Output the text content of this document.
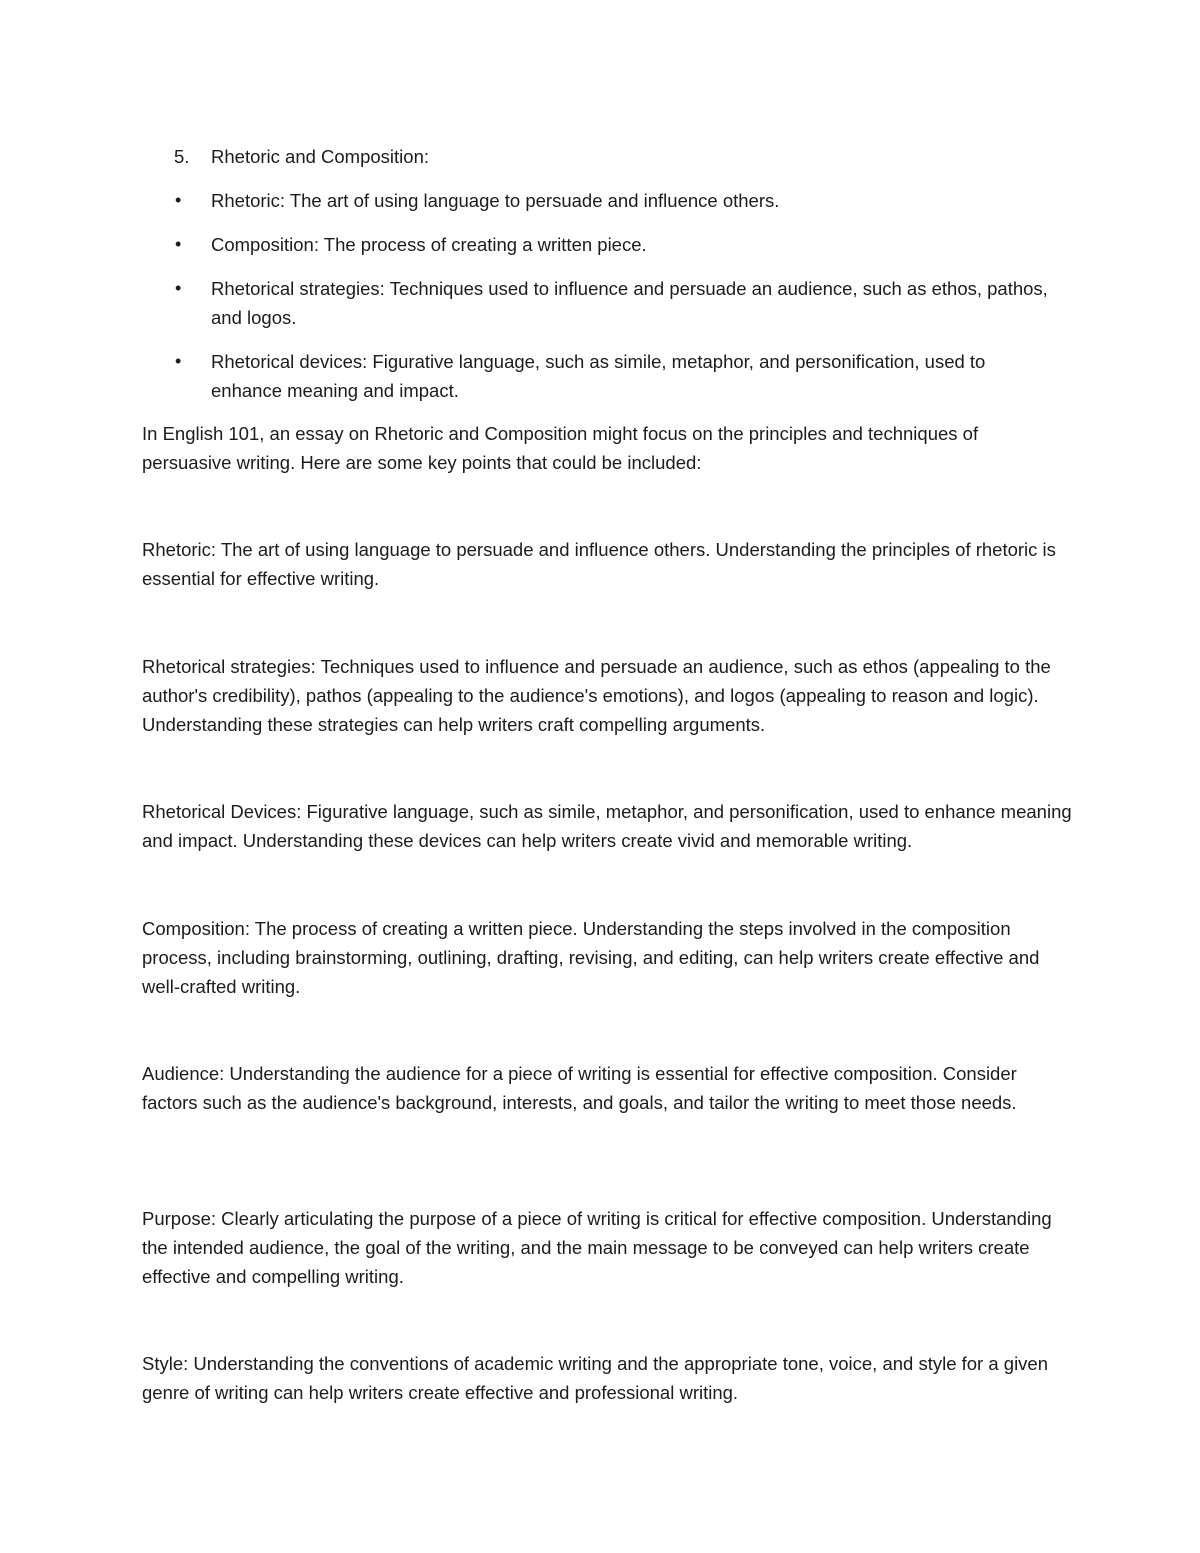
5. Rhetoric and Composition:

• Rhetoric: The art of using language to persuade and influence others.
• Composition: The process of creating a written piece.
• Rhetorical strategies: Techniques used to influence and persuade an audience, such as ethos, pathos, and logos.
• Rhetorical devices: Figurative language, such as simile, metaphor, and personification, used to enhance meaning and impact.

In English 101, an essay on Rhetoric and Composition might focus on the principles and techniques of persuasive writing. Here are some key points that could be included:

Rhetoric: The art of using language to persuade and influence others. Understanding the principles of rhetoric is essential for effective writing.

Rhetorical strategies: Techniques used to influence and persuade an audience, such as ethos (appealing to the author's credibility), pathos (appealing to the audience's emotions), and logos (appealing to reason and logic). Understanding these strategies can help writers craft compelling arguments.

Rhetorical Devices: Figurative language, such as simile, metaphor, and personification, used to enhance meaning and impact. Understanding these devices can help writers create vivid and memorable writing.

Composition: The process of creating a written piece. Understanding the steps involved in the composition process, including brainstorming, outlining, drafting, revising, and editing, can help writers create effective and well-crafted writing.

Audience: Understanding the audience for a piece of writing is essential for effective composition. Consider factors such as the audience's background, interests, and goals, and tailor the writing to meet those needs.

Purpose: Clearly articulating the purpose of a piece of writing is critical for effective composition. Understanding the intended audience, the goal of the writing, and the main message to be conveyed can help writers create effective and compelling writing.

Style: Understanding the conventions of academic writing and the appropriate tone, voice, and style for a given genre of writing can help writers create effective and professional writing.
